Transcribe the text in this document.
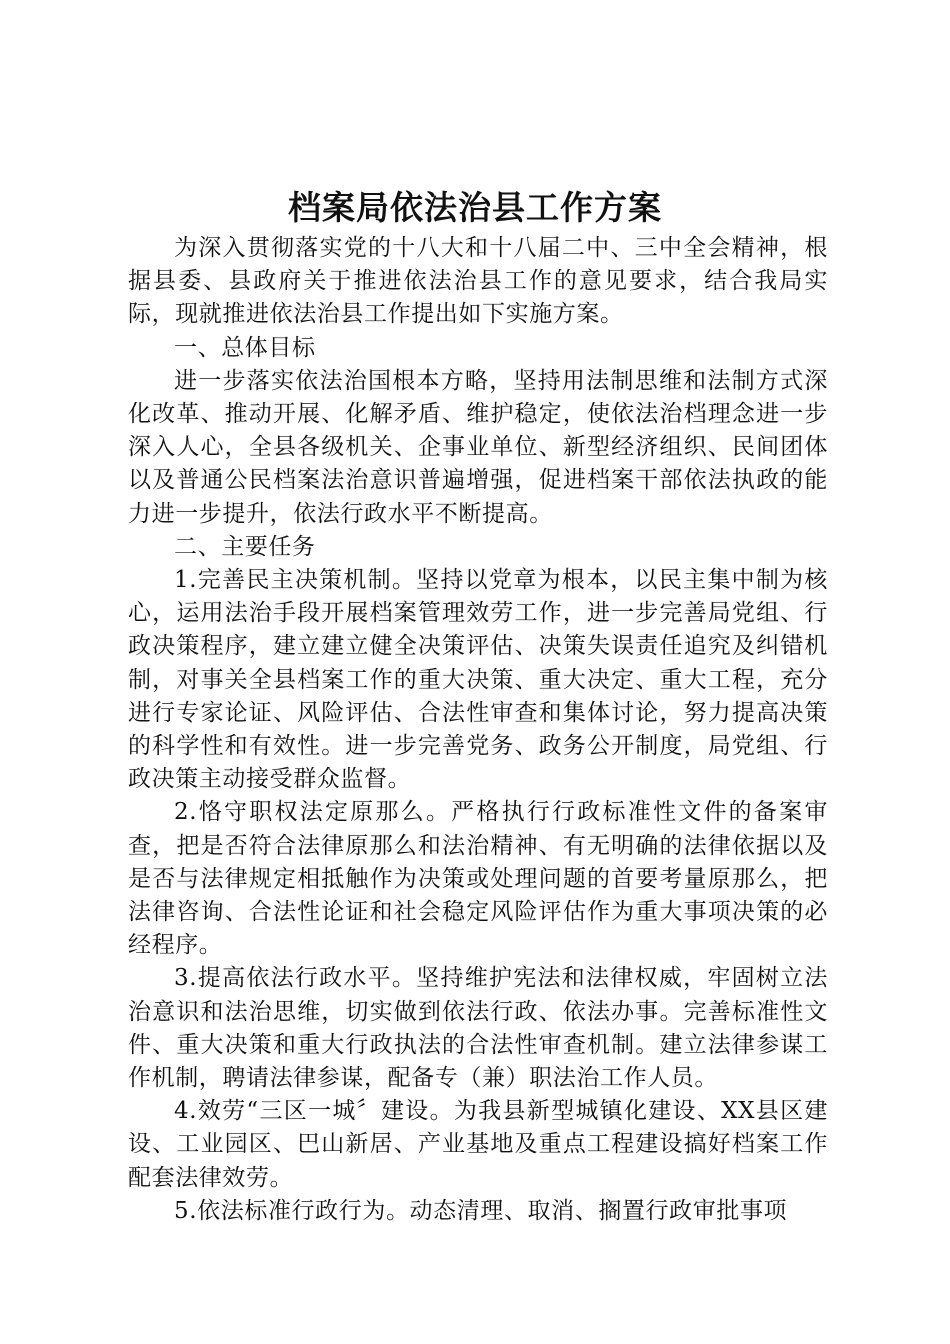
档案局依法治县工作方案

为深入贯彻落实党的十八大和十八届二中、三中全会精神，根据县委、县政府关于推进依法治县工作的意见要求，结合我局实际，现就推进依法治县工作提出如下实施方案。

一、总体目标

进一步落实依法治国根本方略，坚持用法制思维和法制方式深化改革、推动开展、化解矛盾、维护稳定，使依法治档理念进一步深入人心，全县各级机关、企事业单位、新型经济组织、民间团体以及普通公民档案法治意识普遍增强，促进档案干部依法执政的能力进一步提升，依法行政水平不断提高。

二、主要任务

1.完善民主决策机制。坚持以党章为根本，以民主集中制为核心，运用法治手段开展档案管理效劳工作，进一步完善局党组、行政决策程序，建立建立健全决策评估、决策失误责任追究及纠错机制，对事关全县档案工作的重大决策、重大决定、重大工程，充分进行专家论证、风险评估、合法性审查和集体讨论，努力提高决策的科学性和有效性。进一步完善党务、政务公开制度，局党组、行政决策主动接受群众监督。

2.恪守职权法定原那么。严格执行行政标准性文件的备案审查，把是否符合法律原那么和法治精神、有无明确的法律依据以及是否与法律规定相抵触作为决策或处理问题的首要考量原那么，把法律咨询、合法性论证和社会稳定风险评估作为重大事项决策的必经程序。

3.提高依法行政水平。坚持维护宪法和法律权威，牢固树立法治意识和法治思维，切实做到依法行政、依法办事。完善标准性文件、重大决策和重大行政执法的合法性审查机制。建立法律参谋工作机制，聘请法律参谋，配备专（兼）职法治工作人员。

4.效劳“三区一城〞建设。为我县新型城镇化建设、XX县区建设、工业园区、巴山新居、产业基地及重点工程建设搞好档案工作配套法律效劳。

5.依法标准行政行为。动态清理、取消、搁置行政审批事项
